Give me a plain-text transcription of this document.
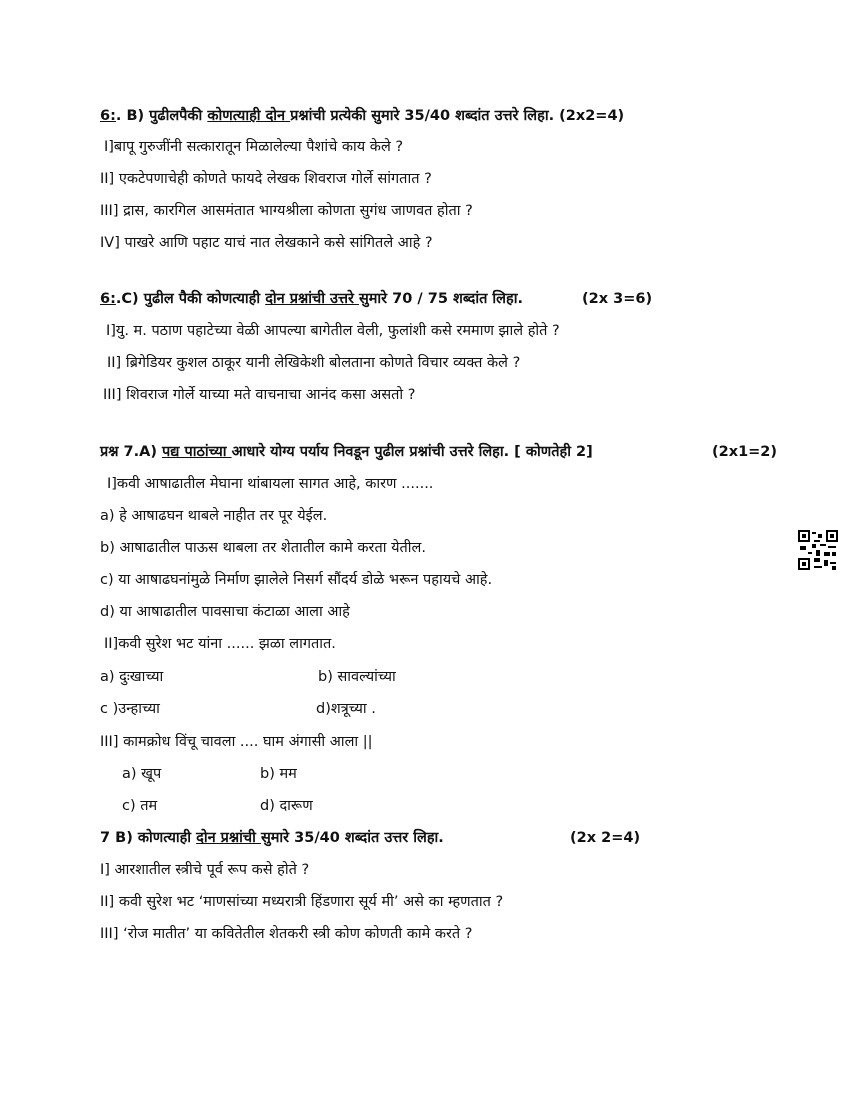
6:. B) पुढीलपैकी कोणत्याही दोन प्रश्नांची प्रत्येकी सुमारे 35/40 शब्दांत उत्तरे लिहा. (2x2=4)
I]बापू गुरुजींनी सत्कारातून मिळालेल्या पैशांचे काय केले ?
II] एकटेपणाचेही कोणते फायदे लेखक शिवराज गोर्ले सांगतात ?
III] द्रास, कारगिल आसमंतात भाग्यश्रीला कोणता सुगंध जाणवत होता ?
IV] पाखरे आणि पहाट याचं नात लेखकाने कसे सांगितले आहे ?
6:.C) पुढील पैकी कोणत्याही दोन प्रश्नांची उत्तरे सुमारे 70 / 75 शब्दांत लिहा.	(2x 3=6)
I]यु. म. पठाण पहाटेच्या वेळी आपल्या बागेतील वेली, फुलांशी कसे रममाण झाले होते ?
II] ब्रिगेडियर कुशल ठाकूर यानी लेखिकेशी बोलताना कोणते विचार व्यक्त केले ?
III] शिवराज गोर्ले याच्या मते वाचनाचा आनंद कसा असतो ?
प्रश्न 7.A) पद्य पाठांच्या आधारे योग्य पर्याय निवडून पुढील प्रश्नांची उत्तरे लिहा. [ कोणतेही 2]	(2x1=2)
I]कवी आषाढातील मेघाना थांबायला सागत आहे, कारण .......
a) हे आषाढघन थाबले नाहीत तर पूर येईल.
b) आषाढातील पाऊस थाबला तर शेतातील कामे करता येतील.
c) या आषाढघनांमुळे निर्माण झालेले निसर्ग सौंदर्य डोळे भरून पहायचे आहे.
d) या आषाढातील पावसाचा कंटाळा आला आहे
II]कवी सुरेश भट यांना ...... झळा लागतात.
a) दुःखाच्या	b) सावल्यांच्या
c )उन्हाच्या	d)शत्रूच्या .
III] कामक्रोध विंचू चावला .... घाम अंगासी आला ||
a) खूप	b) मम
c) तम	d) दारूण
7 B) कोणत्याही दोन प्रश्नांची सुमारे 35/40 शब्दांत उत्तर लिहा.	(2x 2=4)
I] आरशातील स्त्रीचे पूर्व रूप कसे होते ?
II] कवी सुरेश भट ‘माणसांच्या मध्यरात्री हिंडणारा सूर्य मी’ असे का म्हणतात ?
III] ‘रोज मातीत’ या कवितेतील शेतकरी स्त्री कोण कोणती कामे करते ?
